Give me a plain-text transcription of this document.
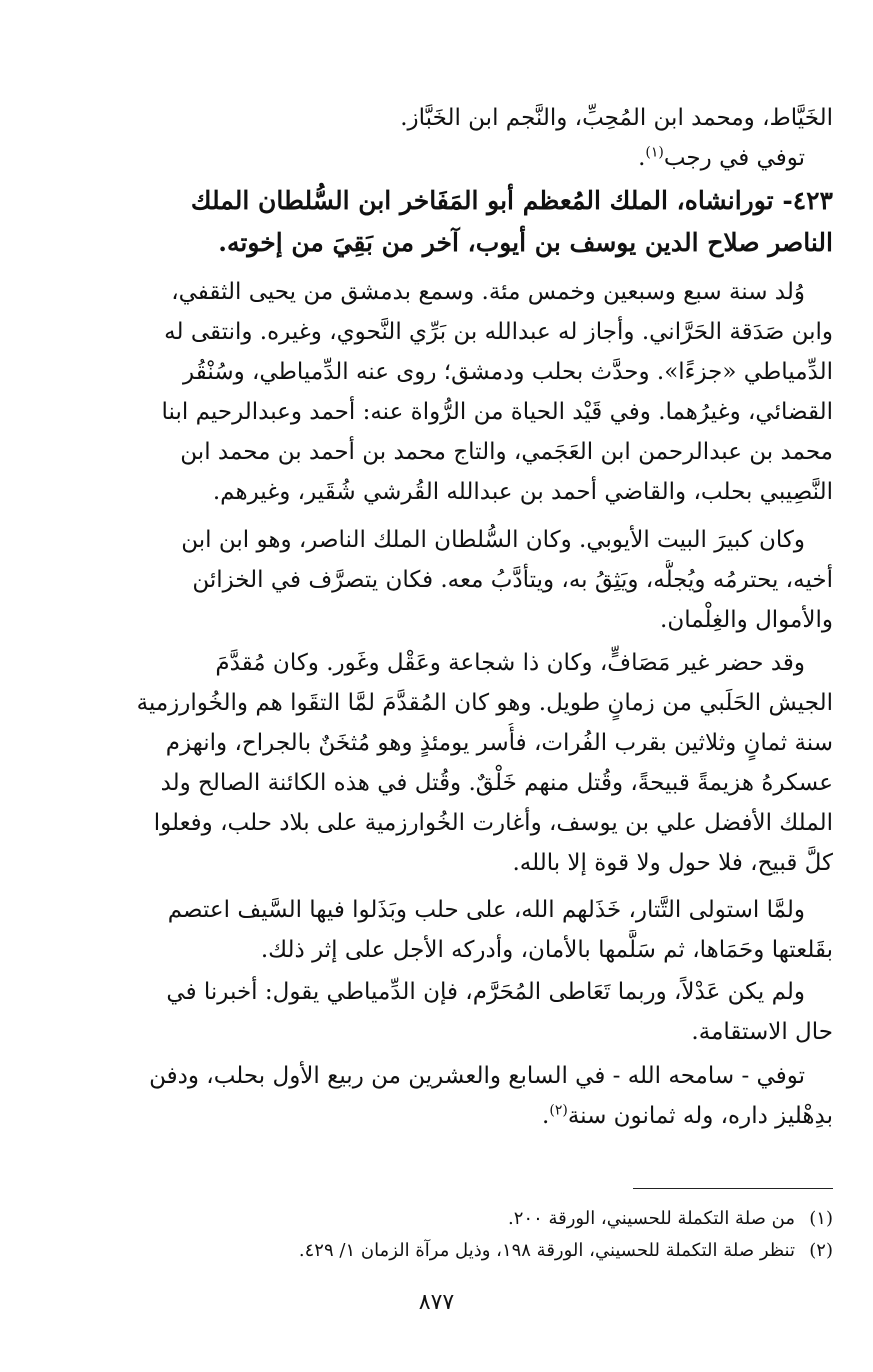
الخَيَّاط، ومحمد ابن المُحِبِّ، والنَّجم ابن الخَبَّاز.
توفي في رجب$^{(١)}$.
٤٢٣- تورانشاه، الملك المُعظم أبو المَفَاخر ابن السُّلطان الملك
الناصر صلاح الدين يوسف بن أيوب، آخر من بَقِيَ من إخوته.
وُلد سنة سبع وسبعين وخمس مئة. وسمع بدمشق من يحيى الثقفي،
وابن صَدَقة الحَرَّاني. وأجاز له عبدالله بن بَرِّي النَّحوي، وغيره. وانتقى له
الدِّمياطي «جزءًا». وحدَّث بحلب ودمشق؛ روى عنه الدِّمياطي، وسُنْقُر
القضائي، وغيرُهما. وفي قَيْد الحياة من الرُّواة عنه: أحمد وعبدالرحيم ابنا
محمد بن عبدالرحمن ابن العَجَمي، والتاج محمد بن أحمد بن محمد ابن
النَّصِيبي بحلب، والقاضي أحمد بن عبدالله القُرشي شُقَير، وغيرهم.
وكان كبيرَ البيت الأيوبي. وكان السُّلطان الملك الناصر، وهو ابن ابن
أخيه، يحترمُه ويُجلُّه، ويَثِقُ به، ويتأدَّبُ معه. فكان يتصرَّف في الخزائن
والأموال والغِلْمان.
وقد حضر غير مَصَافٍّ، وكان ذا شجاعة وعَقْل وغَور. وكان مُقدَّمَ
الجيش الحَلَبي من زمانٍ طويل. وهو كان المُقدَّمَ لمَّا التقَوا هم والخُوارزمية
سنة ثمانٍ وثلاثين بقرب الفُرات، فأُسر يومئذٍ وهو مُثخَنٌ بالجراح، وانهزم
عسكرهُ هزيمةً قبيحةً، وقُتل منهم خَلْقٌ. وقُتل في هذه الكائنة الصالح ولد
الملك الأفضل علي بن يوسف، وأغارت الخُوارزمية على بلاد حلب، وفعلوا
كلَّ قبيح، فلا حول ولا قوة إلا بالله.
ولمَّا استولى التَّتار، خَذَلهم الله، على حلب وبَذَلوا فيها السَّيف اعتصم
بقَلعتها وحَمَاها، ثم سَلَّمها بالأمان، وأدركه الأجل على إثر ذلك.
ولم يكن عَدْلاً، وربما تَعَاطى المُحَرَّم، فإن الدِّمياطي يقول: أخبرنا في
حال الاستقامة.
توفي - سامحه الله - في السابع والعشرين من ربيع الأول بحلب، ودفن
بدِهْليز داره، وله ثمانون سنة$^{(٢)}$.
(١)من صلة التكملة للحسيني، الورقة ٢٠٠.
(٢)تنظر صلة التكملة للحسيني، الورقة ١٩٨، وذيل مرآة الزمان ١/ ٤٢٩.
٨٧٧
